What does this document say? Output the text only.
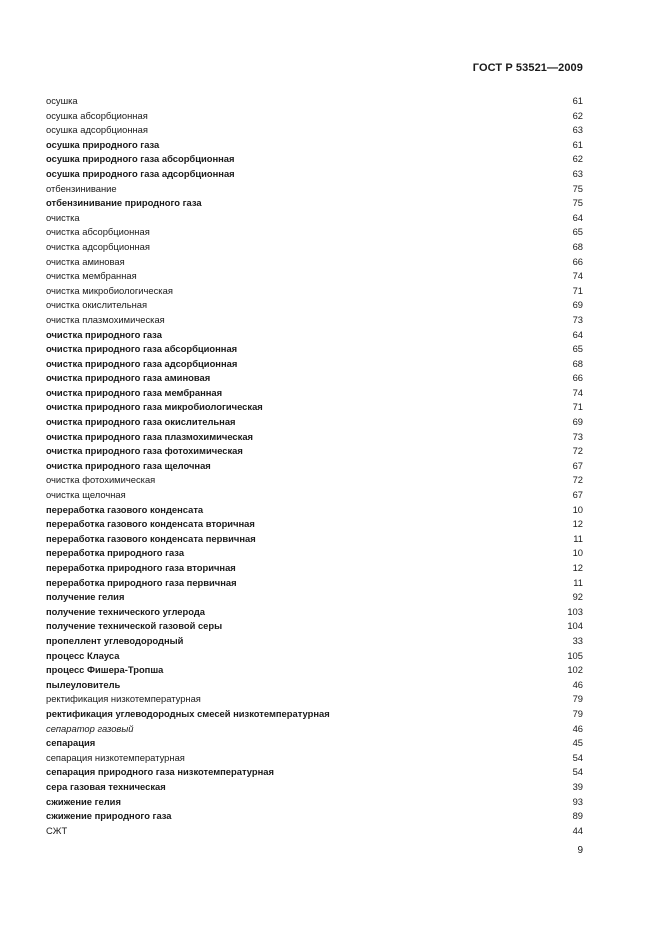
ГОСТ Р 53521—2009
осушка	61
осушка абсорбционная	62
осушка адсорбционная	63
осушка природного газа	61
осушка природного газа абсорбционная	62
осушка природного газа адсорбционная	63
отбензинивание	75
отбензинивание природного газа	75
очистка	64
очистка абсорбционная	65
очистка адсорбционная	68
очистка аминовая	66
очистка мембранная	74
очистка микробиологическая	71
очистка окислительная	69
очистка плазмохимическая	73
очистка природного газа	64
очистка природного газа абсорбционная	65
очистка природного газа адсорбционная	68
очистка природного газа аминовая	66
очистка природного газа мембранная	74
очистка природного газа микробиологическая	71
очистка природного газа окислительная	69
очистка природного газа плазмохимическая	73
очистка природного газа фотохимическая	72
очистка природного газа щелочная	67
очистка фотохимическая	72
очистка щелочная	67
переработка газового конденсата	10
переработка газового конденсата вторичная	12
переработка газового конденсата первичная	11
переработка природного газа	10
переработка природного газа вторичная	12
переработка природного газа первичная	11
получение гелия	92
получение технического углерода	103
получение технической газовой серы	104
пропеллент углеводородный	33
процесс Клауса	105
процесс Фишера-Тропша	102
пылеуловитель	46
ректификация низкотемпературная	79
ректификация углеводородных смесей низкотемпературная	79
сепаратор газовый	46
сепарация	45
сепарация низкотемпературная	54
сепарация природного газа низкотемпературная	54
сера газовая техническая	39
сжижение гелия	93
сжижение природного газа	89
СЖТ	44
9
